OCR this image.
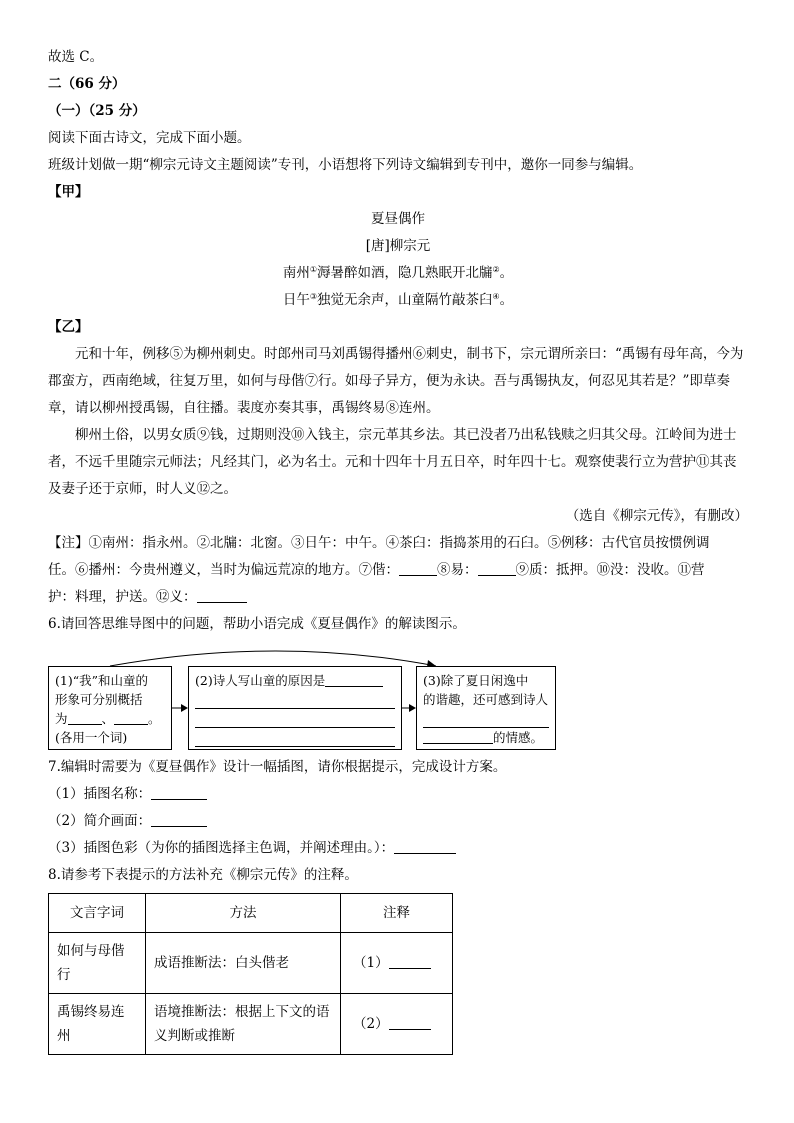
故选 C。

二（66 分）

（一）（25 分）

阅读下面古诗文，完成下面小题。

班级计划做一期“柳宗元诗文主题阅读”专刊，小语想将下列诗文编辑到专刊中，邀你一同参与编辑。

【甲】

夏昼偶作

[唐]柳宗元

南州①溽暑醉如酒，隐几熟眠开北牖②。

日午③独觉无余声，山童隔竹敲茶臼④。

【乙】

元和十年，例移⑤为柳州刺史。时郎州司马刘禹锡得播州⑥刺史，制书下，宗元谓所亲曰：“禹锡有母年高，今为郡蛮方，西南绝域，往复万里，如何与母偕⑦行。如母子异方，便为永诀。吾与禹锡执友，何忍见其若是？”即草奏章，请以柳州授禹锡，自往播。裴度亦奏其事，禹锡终易⑧连州。

柳州土俗，以男女质⑨钱，过期则没⑩入钱主，宗元革其乡法。其已没者乃出私钱赎之归其父母。江岭间为进士者，不远千里随宗元师法；凡经其门，必为名士。元和十四年十月五日卒，时年四十七。观察使裴行立为营护⑪其丧及妻子还于京师，时人义⑫之。

（选自《柳宗元传》，有删改）

【注】①南州：指永州。②北牖：北窗。③日午：中午。④茶臼：指捣茶用的石臼。⑤例移：古代官员按惯例调

任。⑥播州：今贵州遵义，当时为偏远荒凉的地方。⑦偕：	⑧易：	⑨质：抵押。⑩没：没收。⑪营

护：料理，护送。⑫义：

6.请回答思维导图中的问题，帮助小语完成《夏昼偶作》的解读图示。

(1)“我”和山童的
形象可分别概括
为	、	。
(各用一个词)
(2)诗人写山童的原因是	(3)除了夏日闲逸中
的谐趣，还可感到诗人
的情感。

7.编辑时需要为《夏昼偶作》设计一幅插图，请你根据提示，完成设计方案。

（1）插图名称：

（2）简介画面：

（3）插图色彩（为你的插图选择主色调，并阐述理由。）：

8.请参考下表提示的方法补充《柳宗元传》的注释。

文言字词	方法	注释
如何与母偕行	成语推断法：白头偕老	（1）
禹锡终易连州	语境推断法：根据上下文的语义判断或推断	（2）
